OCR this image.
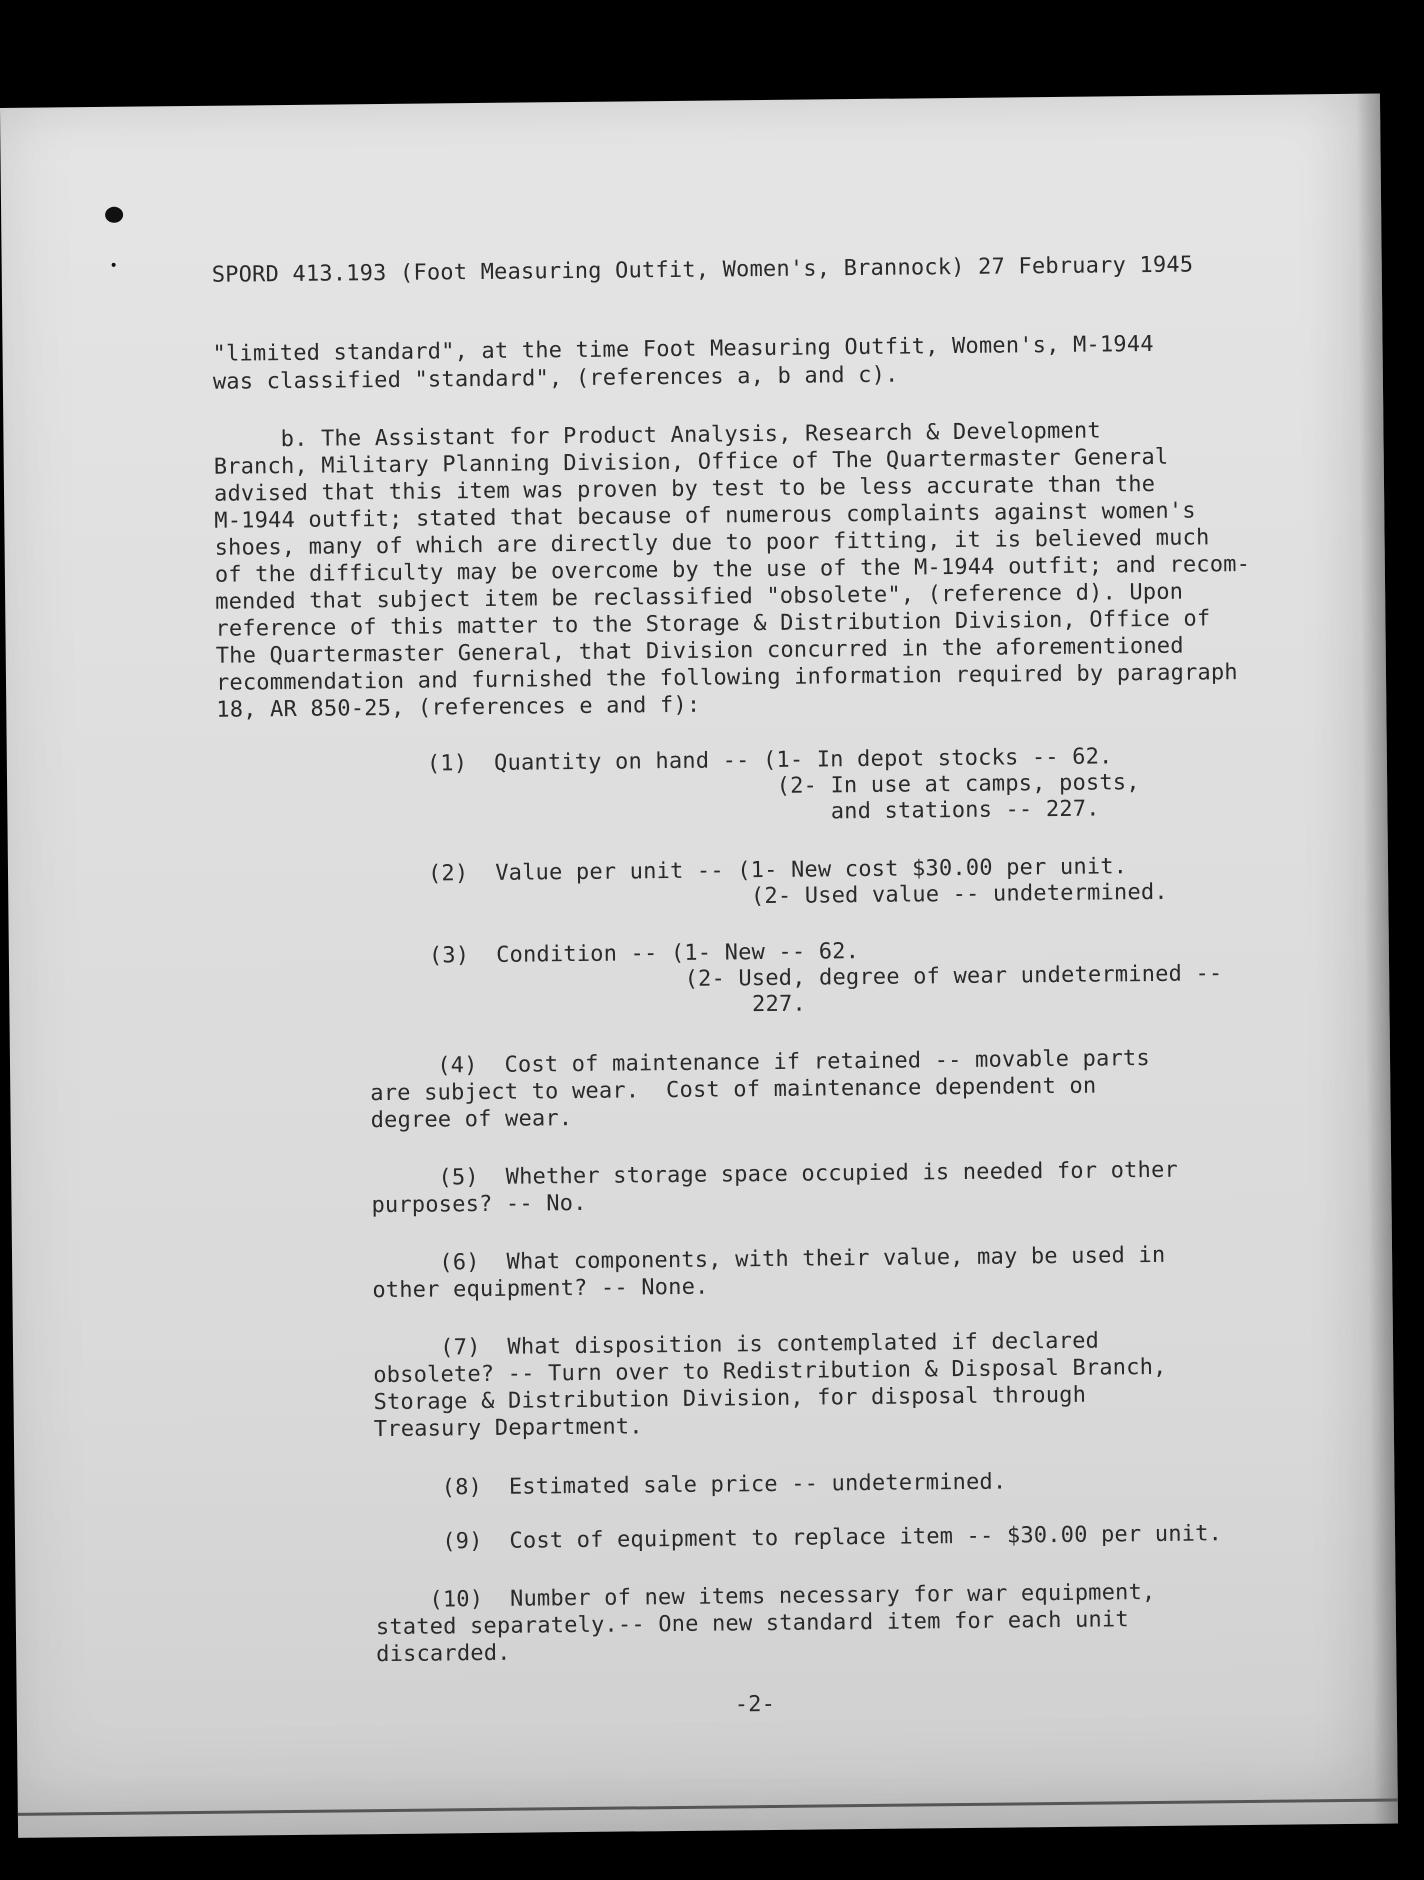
SPORD 413.193 (Foot Measuring Outfit, Women's, Brannock) 27 February 1945
"limited standard", at the time Foot Measuring Outfit, Women's, M-1944
was classified "standard", (references a, b and c).
b. The Assistant for Product Analysis, Research & Development
Branch, Military Planning Division, Office of The Quartermaster General
advised that this item was proven by test to be less accurate than the
M-1944 outfit; stated that because of numerous complaints against women's
shoes, many of which are directly due to poor fitting, it is believed much
of the difficulty may be overcome by the use of the M-1944 outfit; and recom-
mended that subject item be reclassified "obsolete", (reference d). Upon
reference of this matter to the Storage & Distribution Division, Office of
The Quartermaster General, that Division concurred in the aforementioned
recommendation and furnished the following information required by paragraph
18, AR 850-25, (references e and f):
(1)  Quantity on hand -- (1- In depot stocks -- 62.
(2- In use at camps, posts,
and stations -- 227.
(2)  Value per unit -- (1- New cost $30.00 per unit.
(2- Used value -- undetermined.
(3)  Condition -- (1- New -- 62.
(2- Used, degree of wear undetermined --
227.
(4)  Cost of maintenance if retained -- movable parts
are subject to wear.  Cost of maintenance dependent on
degree of wear.
(5)  Whether storage space occupied is needed for other
purposes? -- No.
(6)  What components, with their value, may be used in
other equipment? -- None.
(7)  What disposition is contemplated if declared
obsolete? -- Turn over to Redistribution & Disposal Branch,
Storage & Distribution Division, for disposal through
Treasury Department.
(8)  Estimated sale price -- undetermined.
(9)  Cost of equipment to replace item -- $30.00 per unit.
(10)  Number of new items necessary for war equipment,
stated separately.-- One new standard item for each unit
discarded.
-2-
